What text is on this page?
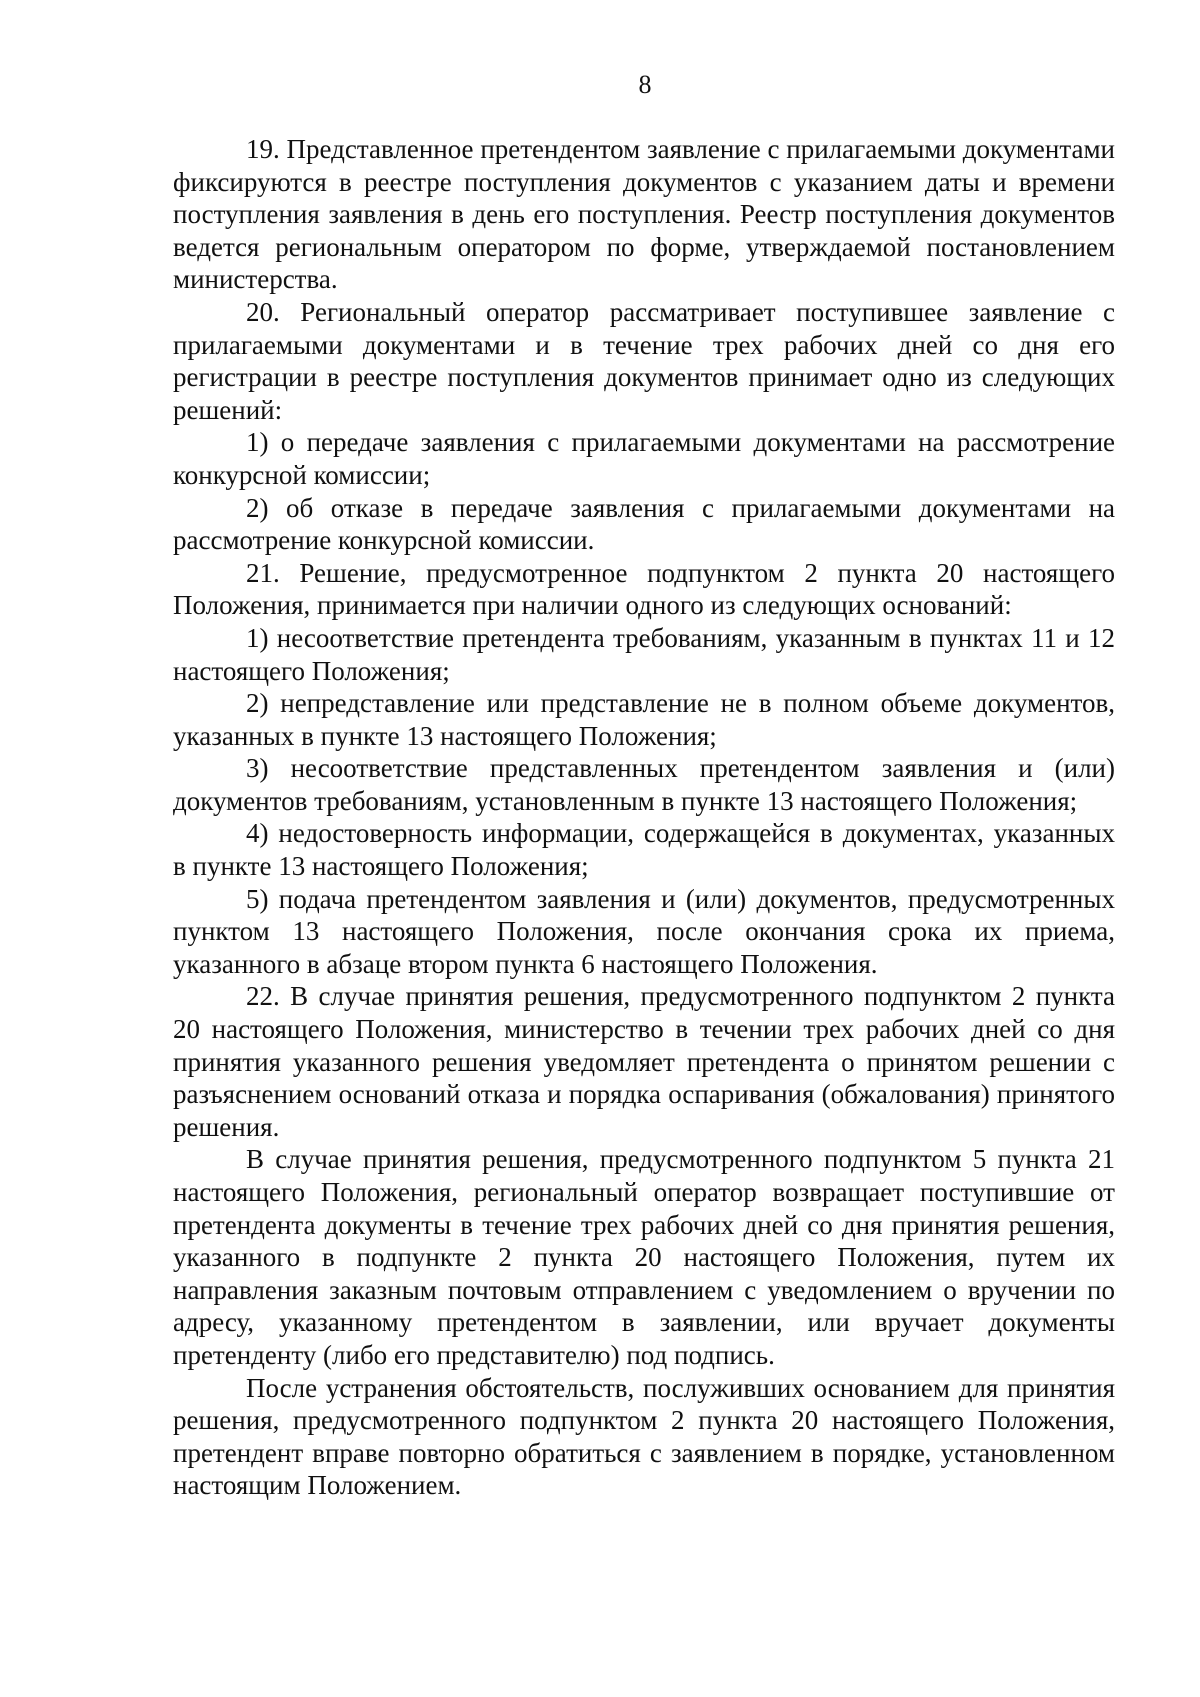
8

19. Представленное претендентом заявление с прилагаемыми документами фиксируются в реестре поступления документов с указанием даты и времени поступления заявления в день его поступления. Реестр поступления документов ведется региональным оператором по форме, утверждаемой постановлением министерства.

20. Региональный оператор рассматривает поступившее заявление с прилагаемыми документами и в течение трех рабочих дней со дня его регистрации в реестре поступления документов принимает одно из следующих решений:

1) о передаче заявления с прилагаемыми документами на рассмотрение конкурсной комиссии;

2) об отказе в передаче заявления с прилагаемыми документами на рассмотрение конкурсной комиссии.

21. Решение, предусмотренное подпунктом 2 пункта 20 настоящего Положения, принимается при наличии одного из следующих оснований:

1) несоответствие претендента требованиям, указанным в пунктах 11 и 12 настоящего Положения;

2) непредставление или представление не в полном объеме документов, указанных в пункте 13 настоящего Положения;

3) несоответствие представленных претендентом заявления и (или) документов требованиям, установленным в пункте 13 настоящего Положения;

4) недостоверность информации, содержащейся в документах, указанных в пункте 13 настоящего Положения;

5) подача претендентом заявления и (или) документов, предусмотренных пунктом 13 настоящего Положения, после окончания срока их приема, указанного в абзаце втором пункта 6 настоящего Положения.

22. В случае принятия решения, предусмотренного подпунктом 2 пункта 20 настоящего Положения, министерство в течении трех рабочих дней со дня принятия указанного решения уведомляет претендента о принятом решении с разъяснением оснований отказа и порядка оспаривания (обжалования) принятого решения.

В случае принятия решения, предусмотренного подпунктом 5 пункта 21 настоящего Положения, региональный оператор возвращает поступившие от претендента документы в течение трех рабочих дней со дня принятия решения, указанного в подпункте 2 пункта 20 настоящего Положения, путем их направления заказным почтовым отправлением с уведомлением о вручении по адресу, указанному претендентом в заявлении, или вручает документы претенденту (либо его представителю) под подпись.

После устранения обстоятельств, послуживших основанием для принятия решения, предусмотренного подпунктом 2 пункта 20 настоящего Положения, претендент вправе повторно обратиться с заявлением в порядке, установленном настоящим Положением.
